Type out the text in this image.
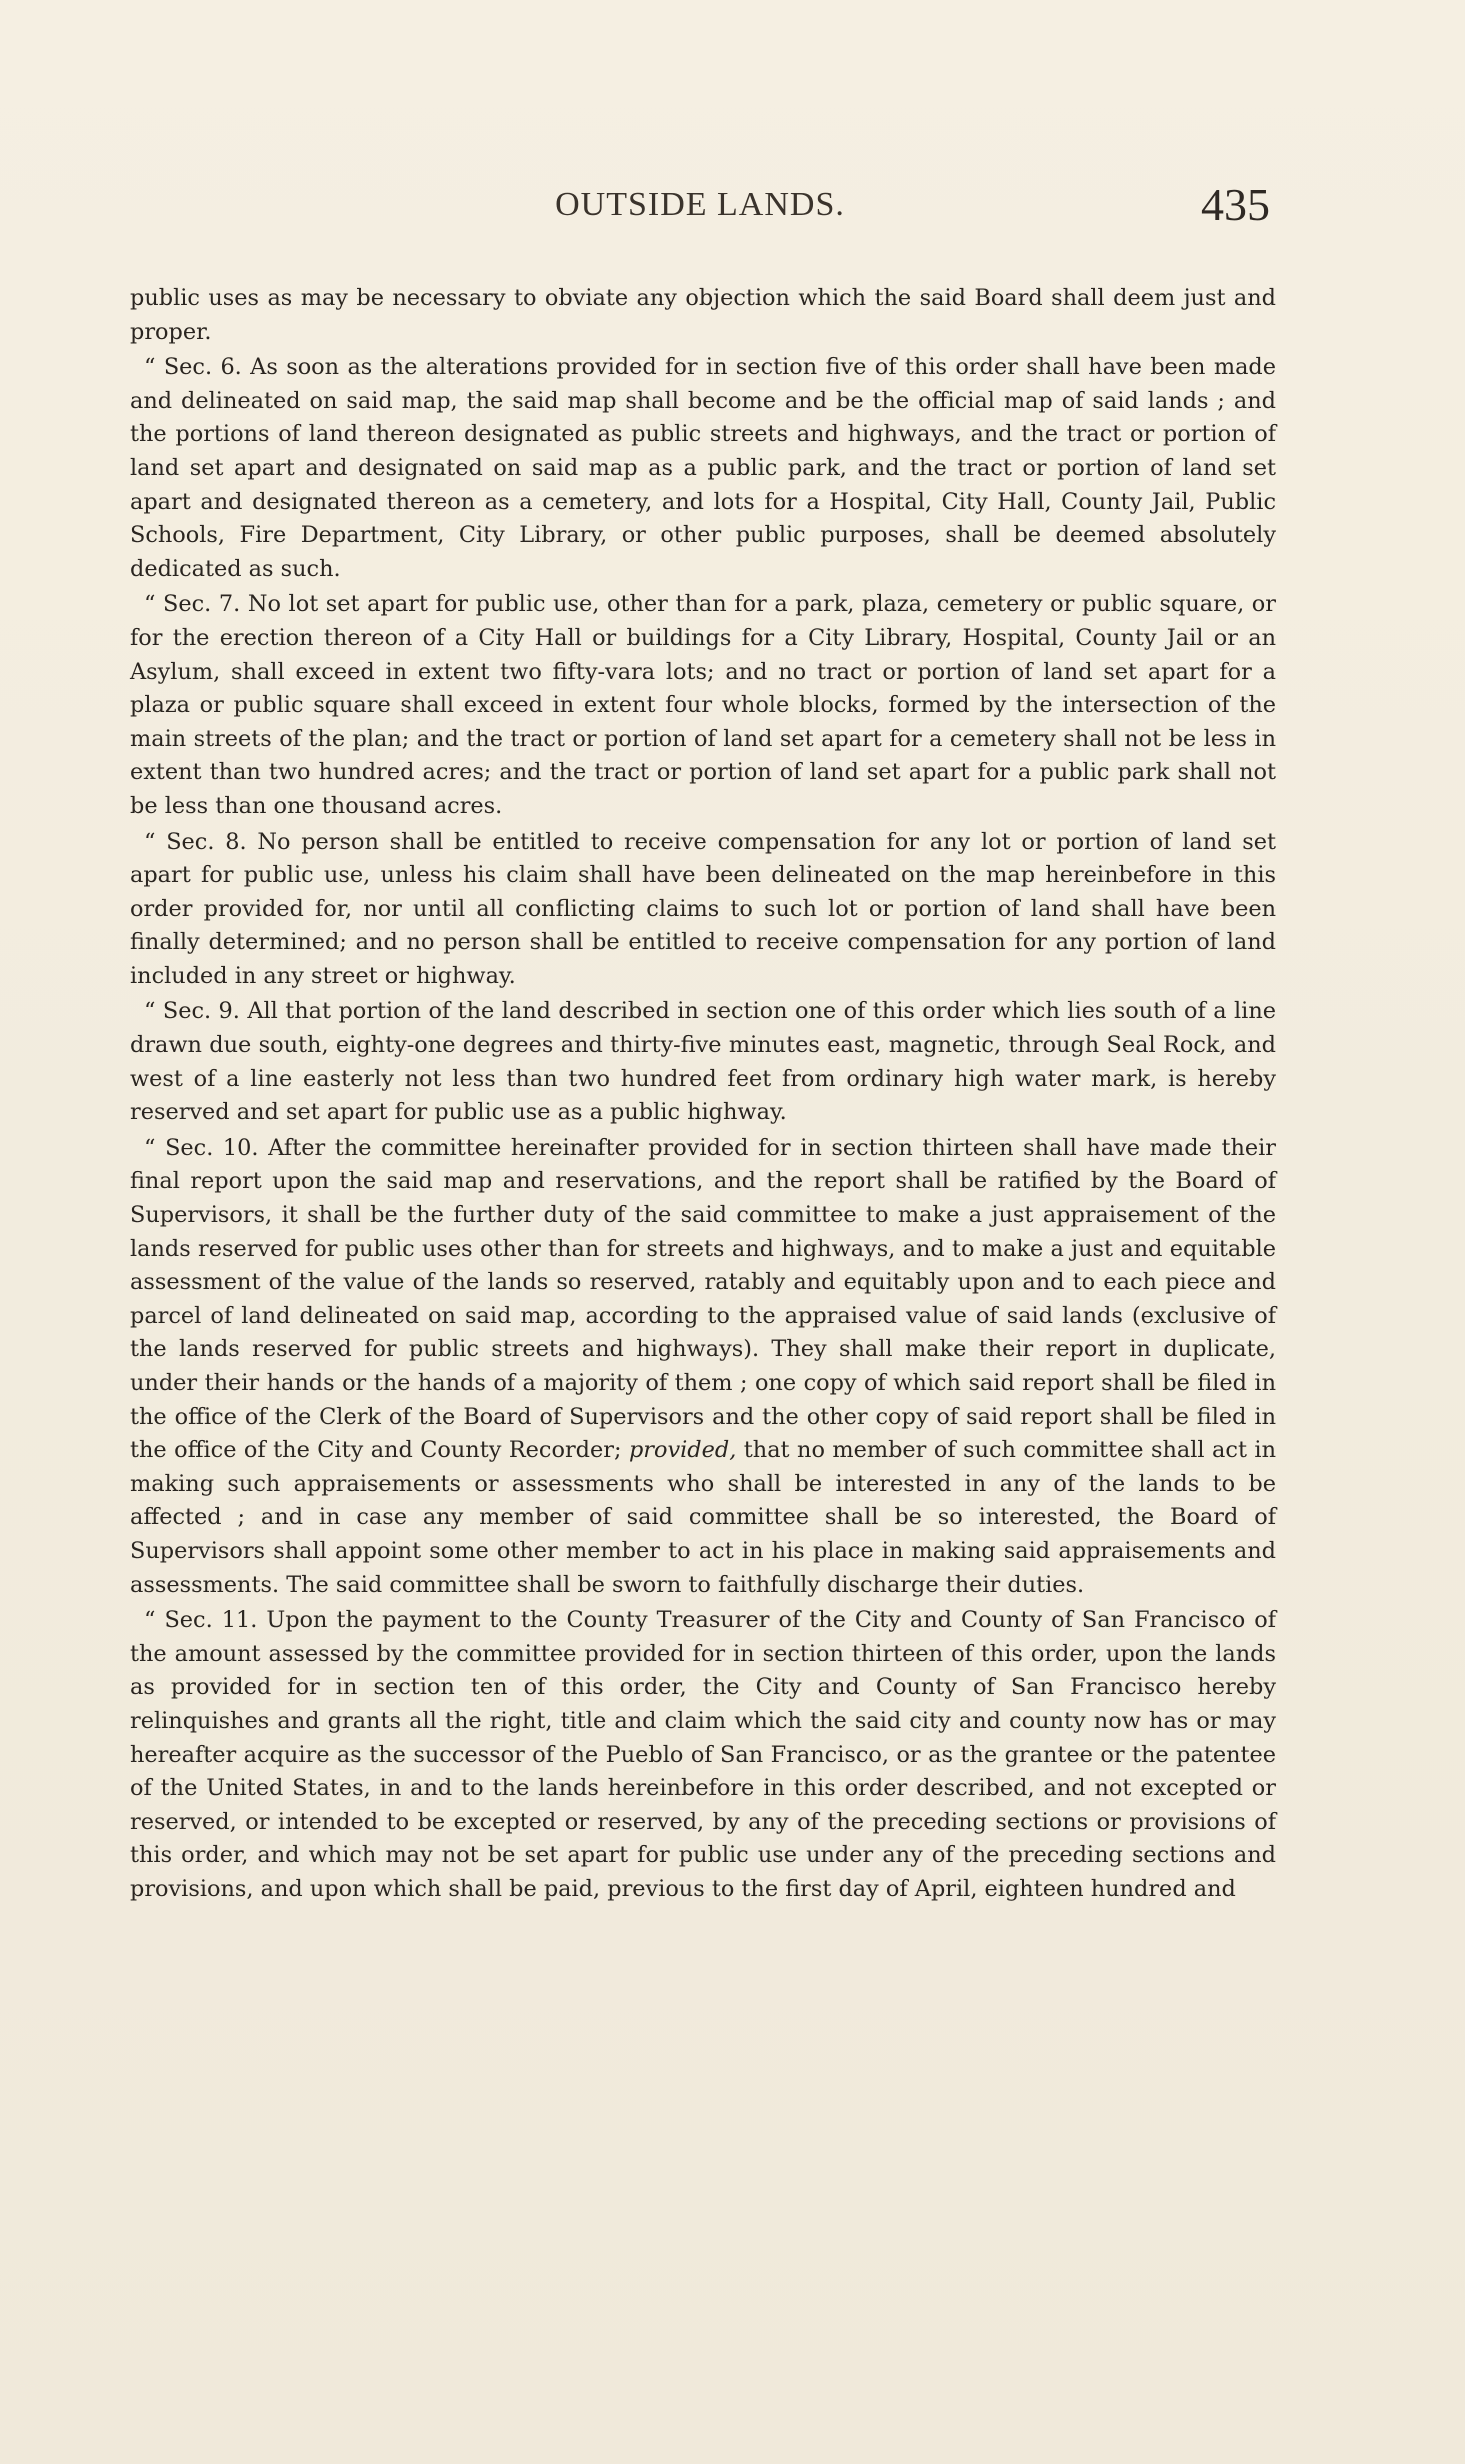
OUTSIDE LANDS.	435

public uses as may be necessary to obviate any objection which the said Board shall deem just and proper.

“ Sec. 6. As soon as the alterations provided for in section five of this order shall have been made and delineated on said map, the said map shall become and be the official map of said lands ; and the portions of land thereon designated as public streets and highways, and the tract or portion of land set apart and designated on said map as a public park, and the tract or portion of land set apart and designated thereon as a cemetery, and lots for a Hospital, City Hall, County Jail, Public Schools, Fire Department, City Library, or other public purposes, shall be deemed absolutely dedicated as such.

“ Sec. 7. No lot set apart for public use, other than for a park, plaza, cemetery or public square, or for the erection thereon of a City Hall or buildings for a City Library, Hospital, County Jail or an Asylum, shall exceed in extent two fifty-vara lots; and no tract or portion of land set apart for a plaza or public square shall exceed in extent four whole blocks, formed by the intersection of the main streets of the plan; and the tract or portion of land set apart for a cemetery shall not be less in extent than two hundred acres; and the tract or portion of land set apart for a public park shall not be less than one thousand acres.

“ Sec. 8. No person shall be entitled to receive compensation for any lot or portion of land set apart for public use, unless his claim shall have been delineated on the map hereinbefore in this order provided for, nor until all conflicting claims to such lot or portion of land shall have been finally determined; and no person shall be entitled to receive compensation for any portion of land included in any street or highway.

“ Sec. 9. All that portion of the land described in section one of this order which lies south of a line drawn due south, eighty-one degrees and thirty-five minutes east, magnetic, through Seal Rock, and west of a line easterly not less than two hundred feet from ordinary high water mark, is hereby reserved and set apart for public use as a public highway.

“ Sec. 10. After the committee hereinafter provided for in section thirteen shall have made their final report upon the said map and reservations, and the report shall be ratified by the Board of Supervisors, it shall be the further duty of the said committee to make a just appraisement of the lands reserved for public uses other than for streets and highways, and to make a just and equitable assessment of the value of the lands so reserved, ratably and equitably upon and to each piece and parcel of land delineated on said map, according to the appraised value of said lands (exclusive of the lands reserved for public streets and highways). They shall make their report in duplicate, under their hands or the hands of a majority of them ; one copy of which said report shall be filed in the office of the Clerk of the Board of Supervisors and the other copy of said report shall be filed in the office of the City and County Recorder; provided, that no member of such committee shall act in making such appraisements or assessments who shall be interested in any of the lands to be affected ; and in case any member of said committee shall be so interested, the Board of Supervisors shall appoint some other member to act in his place in making said appraisements and assessments. The said committee shall be sworn to faithfully discharge their duties.

“ Sec. 11. Upon the payment to the County Treasurer of the City and County of San Francisco of the amount assessed by the committee provided for in section thirteen of this order, upon the lands as provided for in section ten of this order, the City and County of San Francisco hereby relinquishes and grants all the right, title and claim which the said city and county now has or may hereafter acquire as the successor of the Pueblo of San Francisco, or as the grantee or the patentee of the United States, in and to the lands hereinbefore in this order described, and not excepted or reserved, or intended to be excepted or reserved, by any of the preceding sections or provisions of this order, and which may not be set apart for public use under any of the preceding sections and provisions, and upon which shall be paid, previous to the first day of April, eighteen hundred and
